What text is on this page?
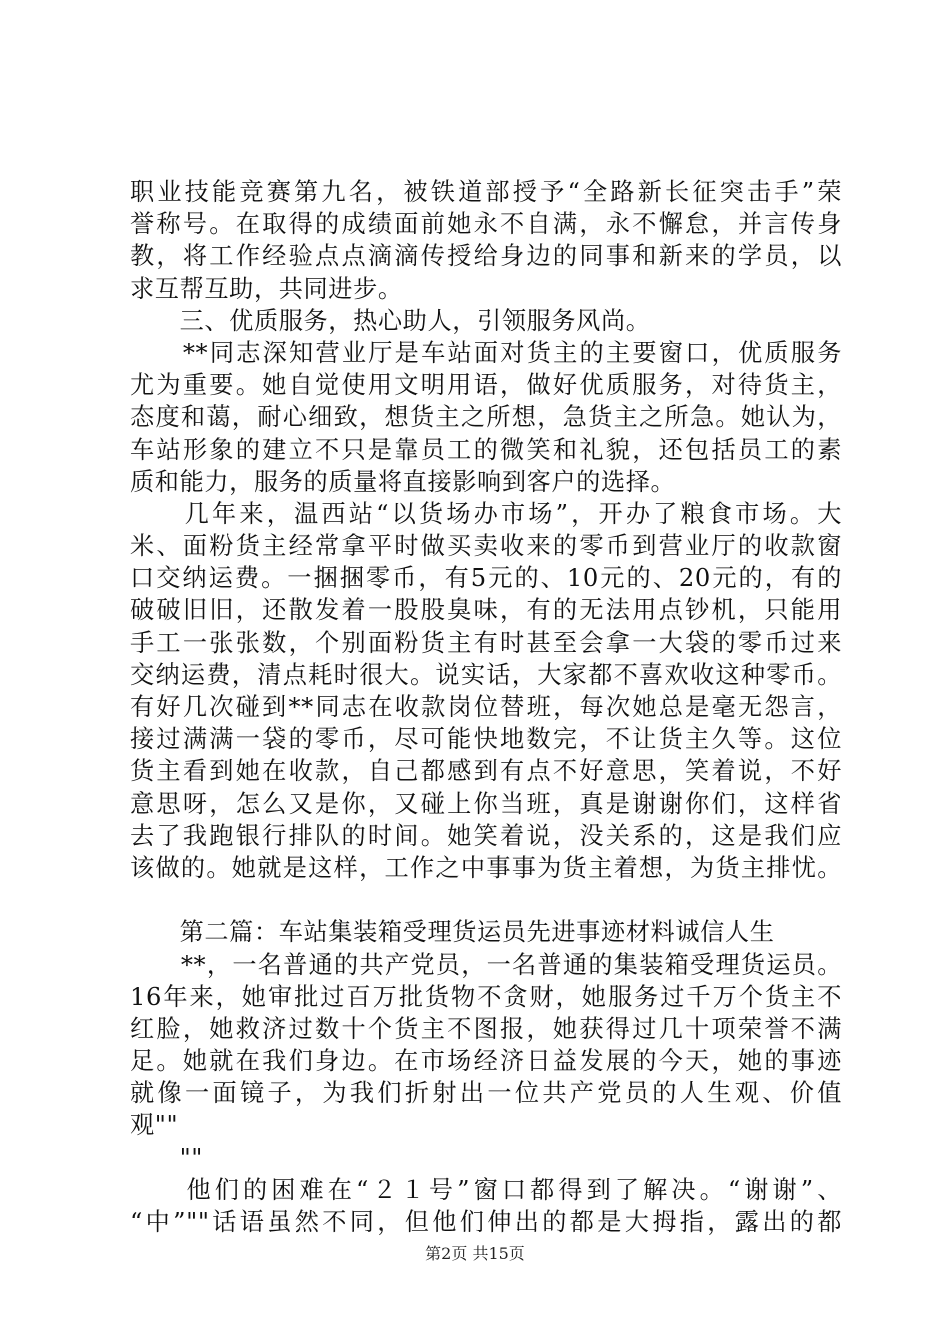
职业技能竞赛第九名，被铁道部授予“全路新长征突击手”荣
誉称号。在取得的成绩面前她永不自满，永不懈怠，并言传身
教，将工作经验点点滴滴传授给身边的同事和新来的学员，以
求互帮互助，共同进步。
　　三、优质服务，热心助人，引领服务风尚。
　　**同志深知营业厅是车站面对货主的主要窗口，优质服务
尤为重要。她自觉使用文明用语，做好优质服务，对待货主，
态度和蔼，耐心细致，想货主之所想，急货主之所急。她认为，
车站形象的建立不只是靠员工的微笑和礼貌，还包括员工的素
质和能力，服务的质量将直接影响到客户的选择。
　　几年来，温西站“以货场办市场”，开办了粮食市场。大
米、面粉货主经常拿平时做买卖收来的零币到营业厅的收款窗
口交纳运费。一捆捆零币，有5元的、10元的、20元的，有的
破破旧旧，还散发着一股股臭味，有的无法用点钞机，只能用
手工一张张数，个别面粉货主有时甚至会拿一大袋的零币过来
交纳运费，清点耗时很大。说实话，大家都不喜欢收这种零币。
有好几次碰到**同志在收款岗位替班，每次她总是毫无怨言，
接过满满一袋的零币，尽可能快地数完，不让货主久等。这位
货主看到她在收款，自己都感到有点不好意思，笑着说，不好
意思呀，怎么又是你，又碰上你当班，真是谢谢你们，这样省
去了我跑银行排队的时间。她笑着说，没关系的，这是我们应
该做的。她就是这样，工作之中事事为货主着想，为货主排忧。
　　第二篇：车站集装箱受理货运员先进事迹材料诚信人生
　　**，一名普通的共产党员，一名普通的集装箱受理货运员。
16年来，她审批过百万批货物不贪财，她服务过千万个货主不
红脸，她救济过数十个货主不图报，她获得过几十项荣誉不满
足。她就在我们身边。在市场经济日益发展的今天，她的事迹
就像一面镜子，为我们折射出一位共产党员的人生观、价值
观""
　　""
　　他们的困难在“２１号”窗口都得到了解决。“谢谢”、
“中”""话语虽然不同，但他们伸出的都是大拇指，露出的都
第2页 共15页
